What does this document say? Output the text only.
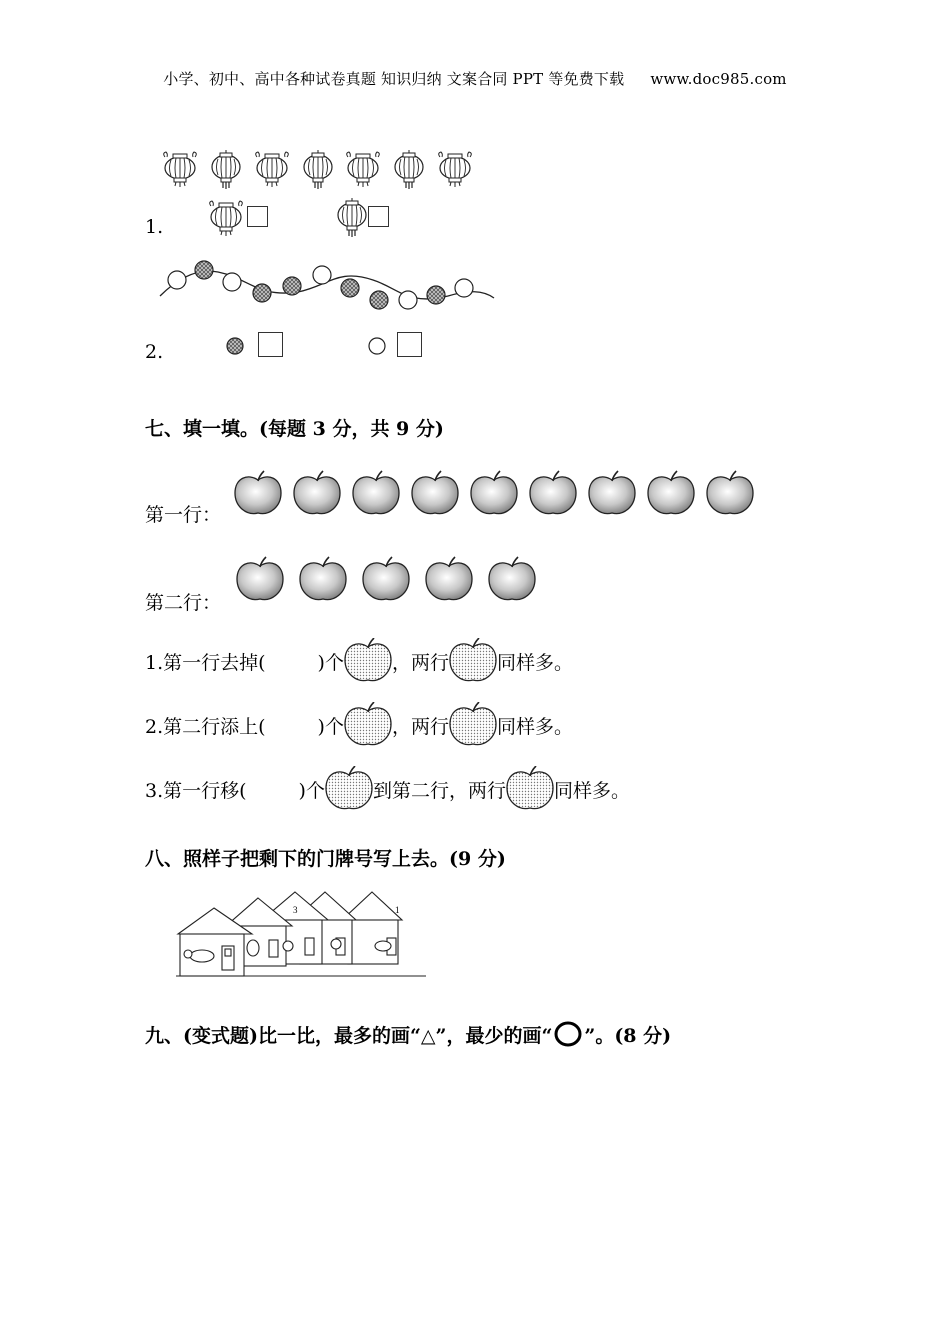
小学、初中、高中各种试卷真题 知识归纳 文案合同 PPT 等免费下载 www.doc985.com
1.
2.
七、填一填。(每题 3 分，共 9 分)
第一行：
第二行：
1.第一行去掉(	)个	，两行	同样多。
2.第二行添上(	)个	，两行	同样多。
3.第一行移(	)个	到第二行，两行	同样多。
八、照样子把剩下的门牌号写上去。(9 分)
3	1
九、(变式题)比一比，最多的画“△”，最少的画“ ”。(8 分)
